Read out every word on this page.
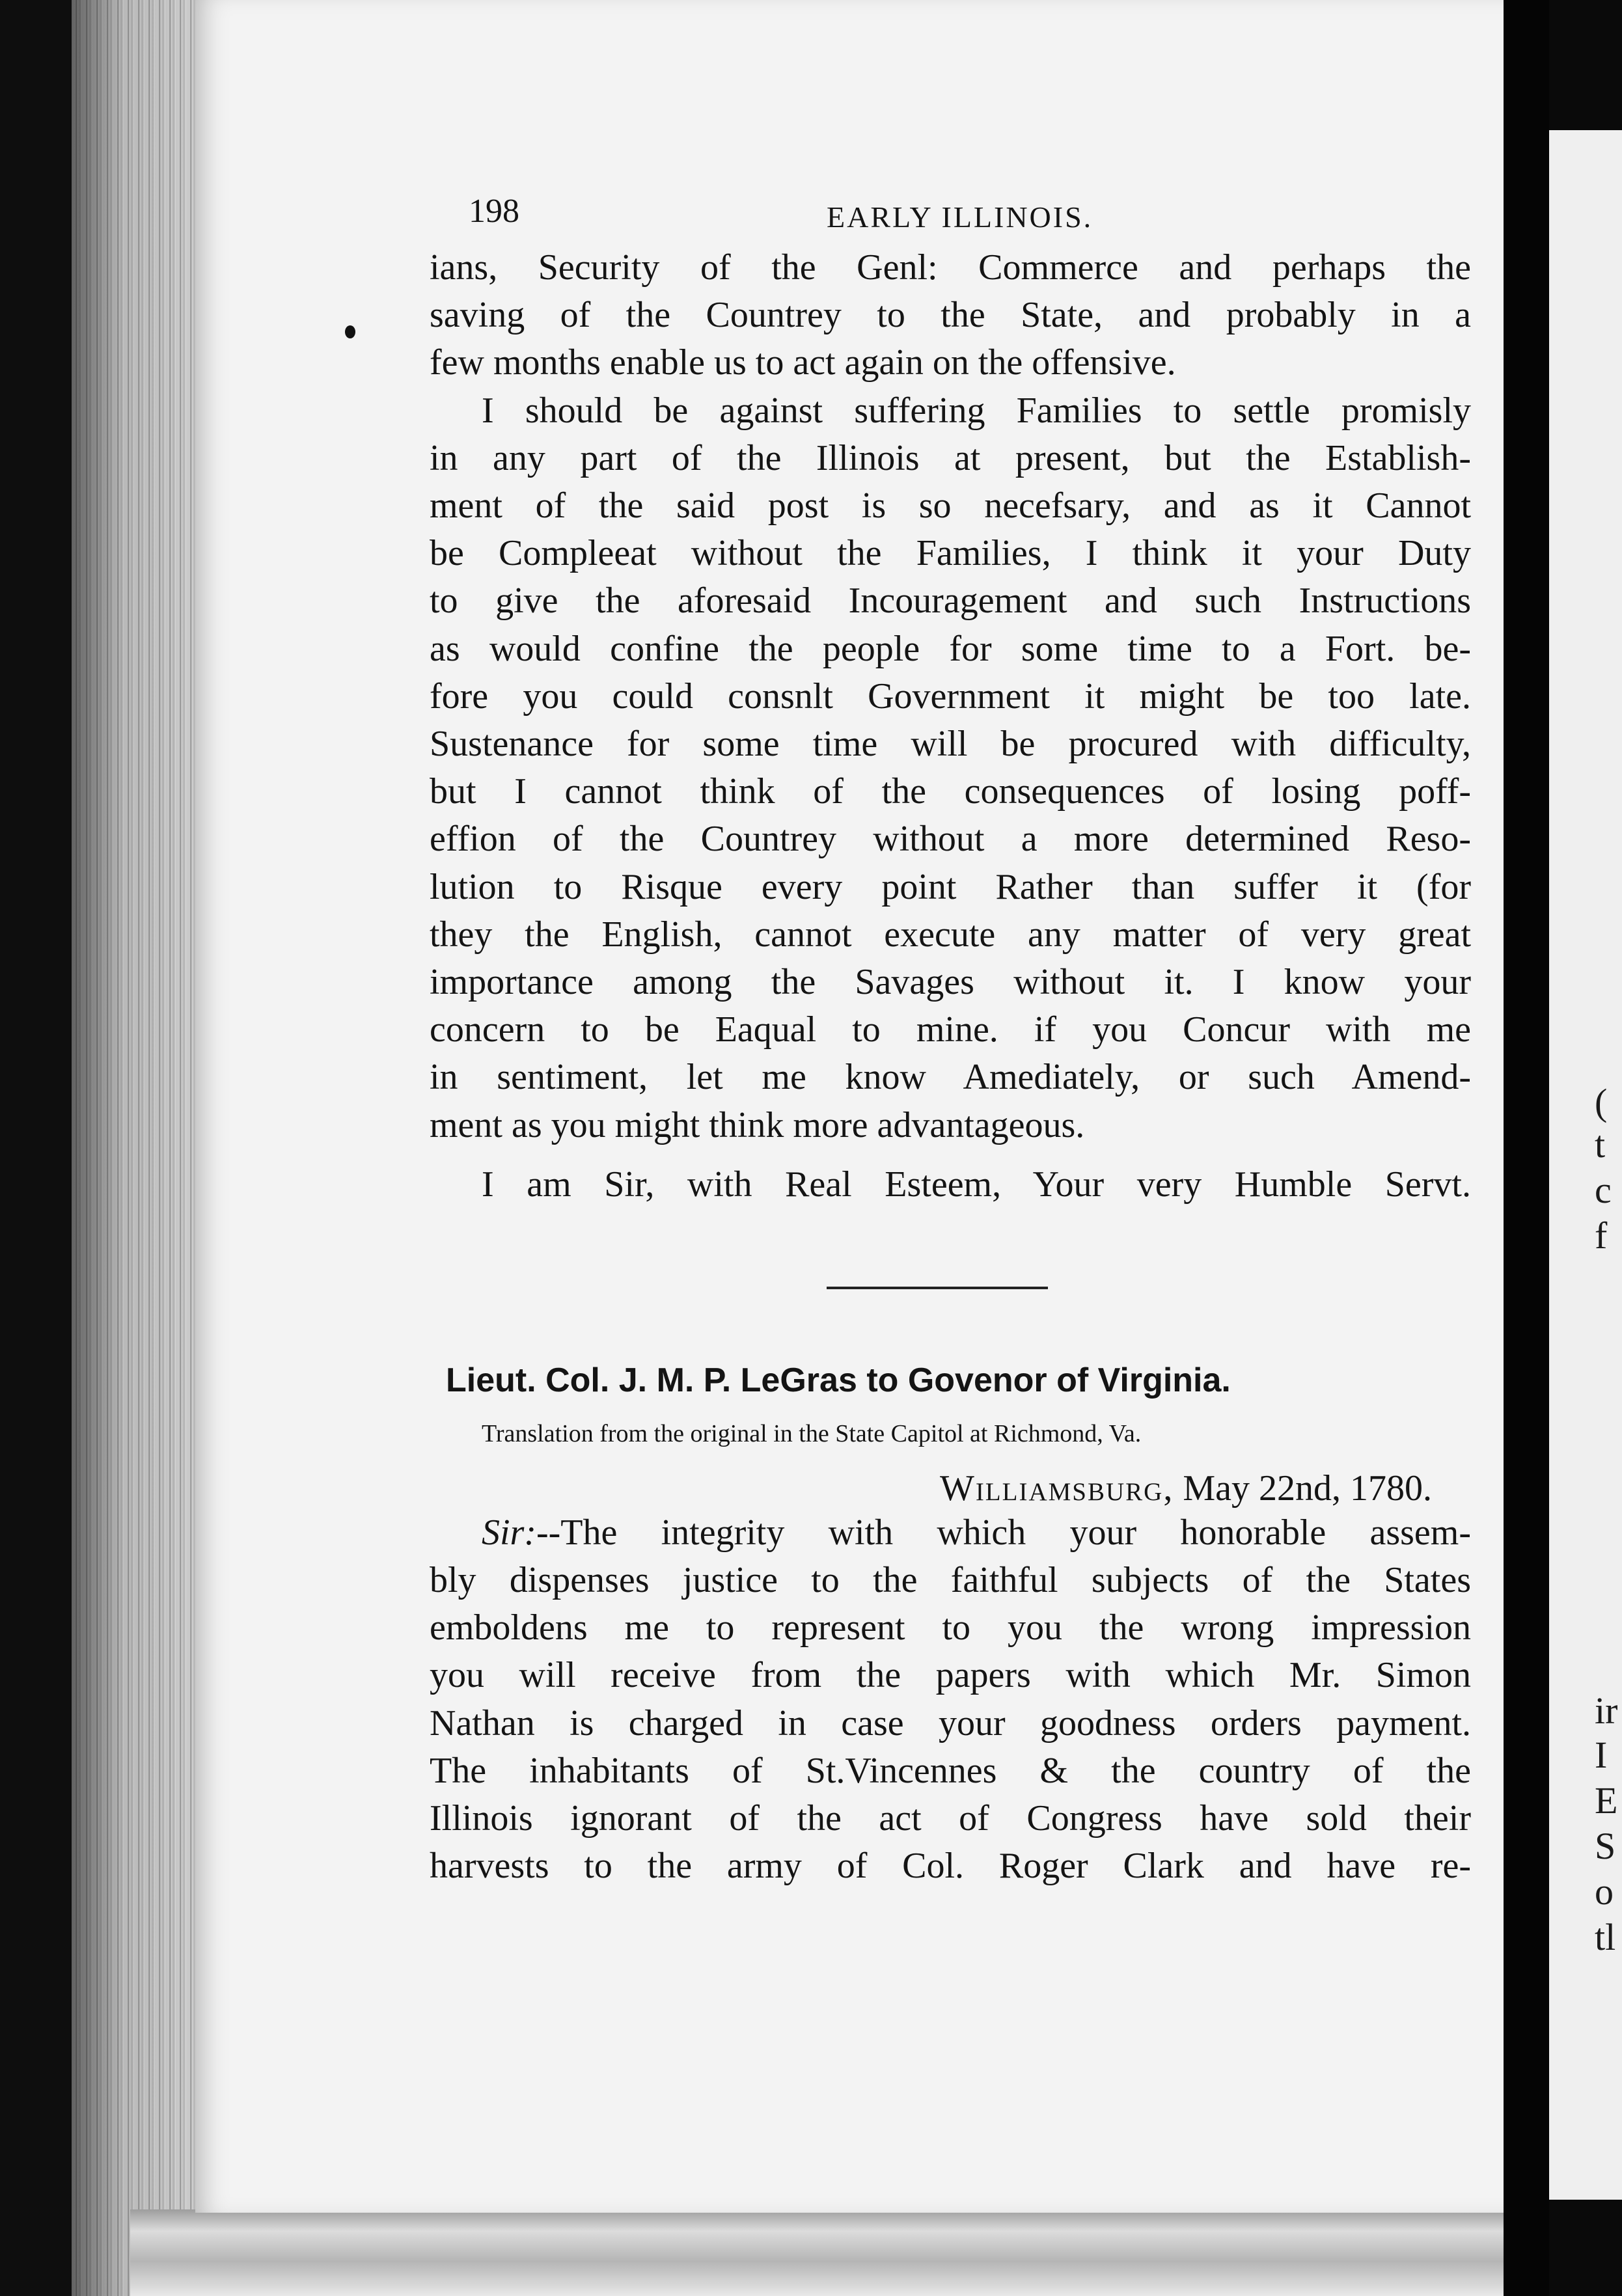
(
t
c
f
ir
I
E
S
o
tl
198	EARLY ILLINOIS.
ians, Security of the Genl: Commerce and perhaps the
saving of the Countrey to the State, and probably in a
few months enable us to act again on the offensive.
I should be against suffering Families to settle promisly
in any part of the Illinois at present, but the Establish-
ment of the said post is so necefsary, and as it Cannot
be Compleeat without the Families, I think it your Duty
to give the aforesaid Incouragement and such Instructions
as would confine the people for some time to a Fort. be-
fore you could consnlt Government it might be too late.
Sustenance for some time will be procured with difficulty,
but I cannot think of the consequences of losing poff-
effion of the Countrey without a more determined Reso-
lution to Risque every point Rather than suffer it (for
they the English, cannot execute any matter of very great
importance among the Savages without it. I know your
concern to be Eaqual to mine. if you Concur with me
in sentiment, let me know Amediately, or such Amend-
ment as you might think more advantageous.
I am Sir, with Real Esteem, Your very Humble Servt.
Lieut. Col. J. M. P. LeGras to Govenor of Virginia.
Translation from the original in the State Capitol at Richmond, Va.
Williamsburg, May 22nd, 1780.
Sir:--The integrity with which your honorable assem-
bly dispenses justice to the faithful subjects of the States
emboldens me to represent to you the wrong impression
you will receive from the papers with which Mr. Simon
Nathan is charged in case your goodness orders payment.
The inhabitants of St.Vincennes & the country of the
Illinois ignorant of the act of Congress have sold their
harvests to the army of Col. Roger Clark and have re-
